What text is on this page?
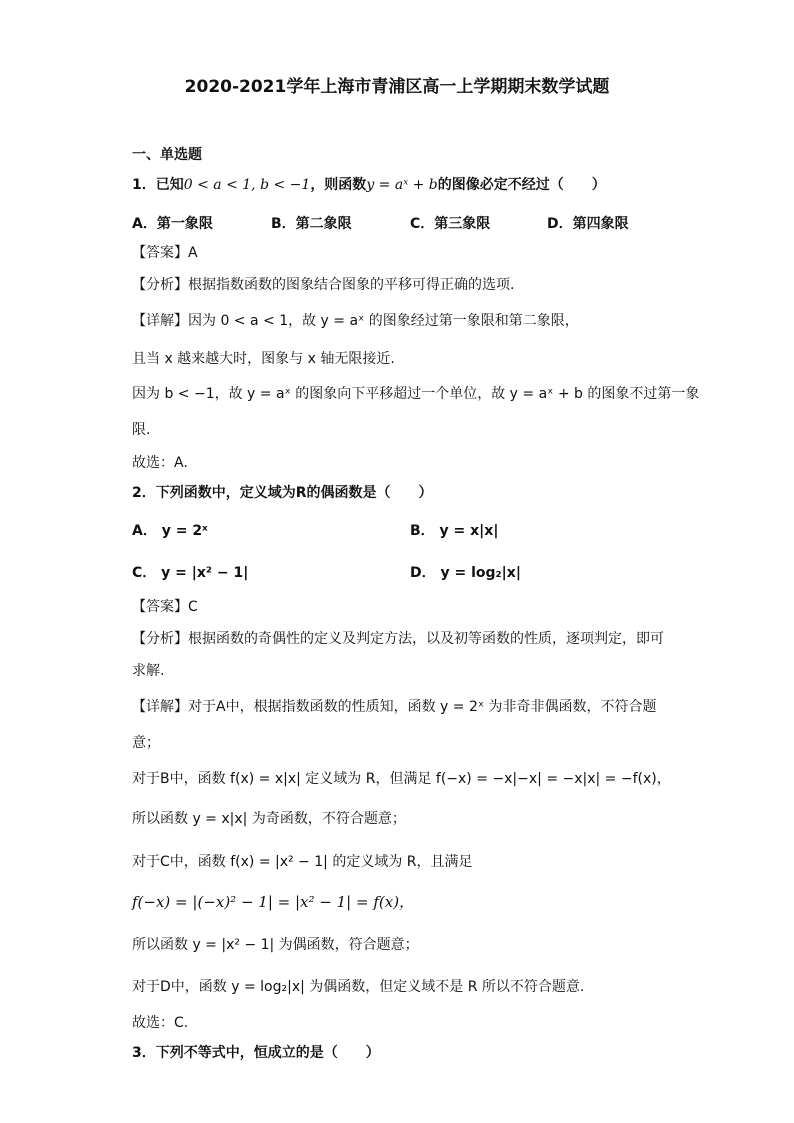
2020-2021学年上海市青浦区高一上学期期末数学试题
一、单选题
1．已知0 < a < 1, b < −1，则函数y = aˣ + b的图像必定不经过（　　）
A．第一象限	B．第二象限	C．第三象限	D．第四象限
【答案】A
【分析】根据指数函数的图象结合图象的平移可得正确的选项.
【详解】因为 0 < a < 1，故 y = aˣ 的图象经过第一象限和第二象限，
且当 x 越来越大时，图象与 x 轴无限接近.
因为 b < −1，故 y = aˣ 的图象向下平移超过一个单位，故 y = aˣ + b 的图象不过第一象
限.
故选：A.
2．下列函数中，定义域为R的偶函数是（　　）
A． y = 2ˣ	B． y = x|x|
C． y = |x² − 1|	D． y = log₂|x|
【答案】C
【分析】根据函数的奇偶性的定义及判定方法，以及初等函数的性质，逐项判定，即可
求解.
【详解】对于A中，根据指数函数的性质知，函数 y = 2ˣ 为非奇非偶函数，不符合题
意；
对于B中，函数 f(x) = x|x| 定义域为 R，但满足 f(−x) = −x|−x| = −x|x| = −f(x)，
所以函数 y = x|x| 为奇函数，不符合题意；
对于C中，函数 f(x) = |x² − 1| 的定义域为 R，且满足
f(−x) = |(−x)² − 1| = |x² − 1| = f(x)，
所以函数 y = |x² − 1| 为偶函数，符合题意；
对于D中，函数 y = log₂|x| 为偶函数，但定义域不是 R 所以不符合题意.
故选：C.
3．下列不等式中，恒成立的是（　　）
